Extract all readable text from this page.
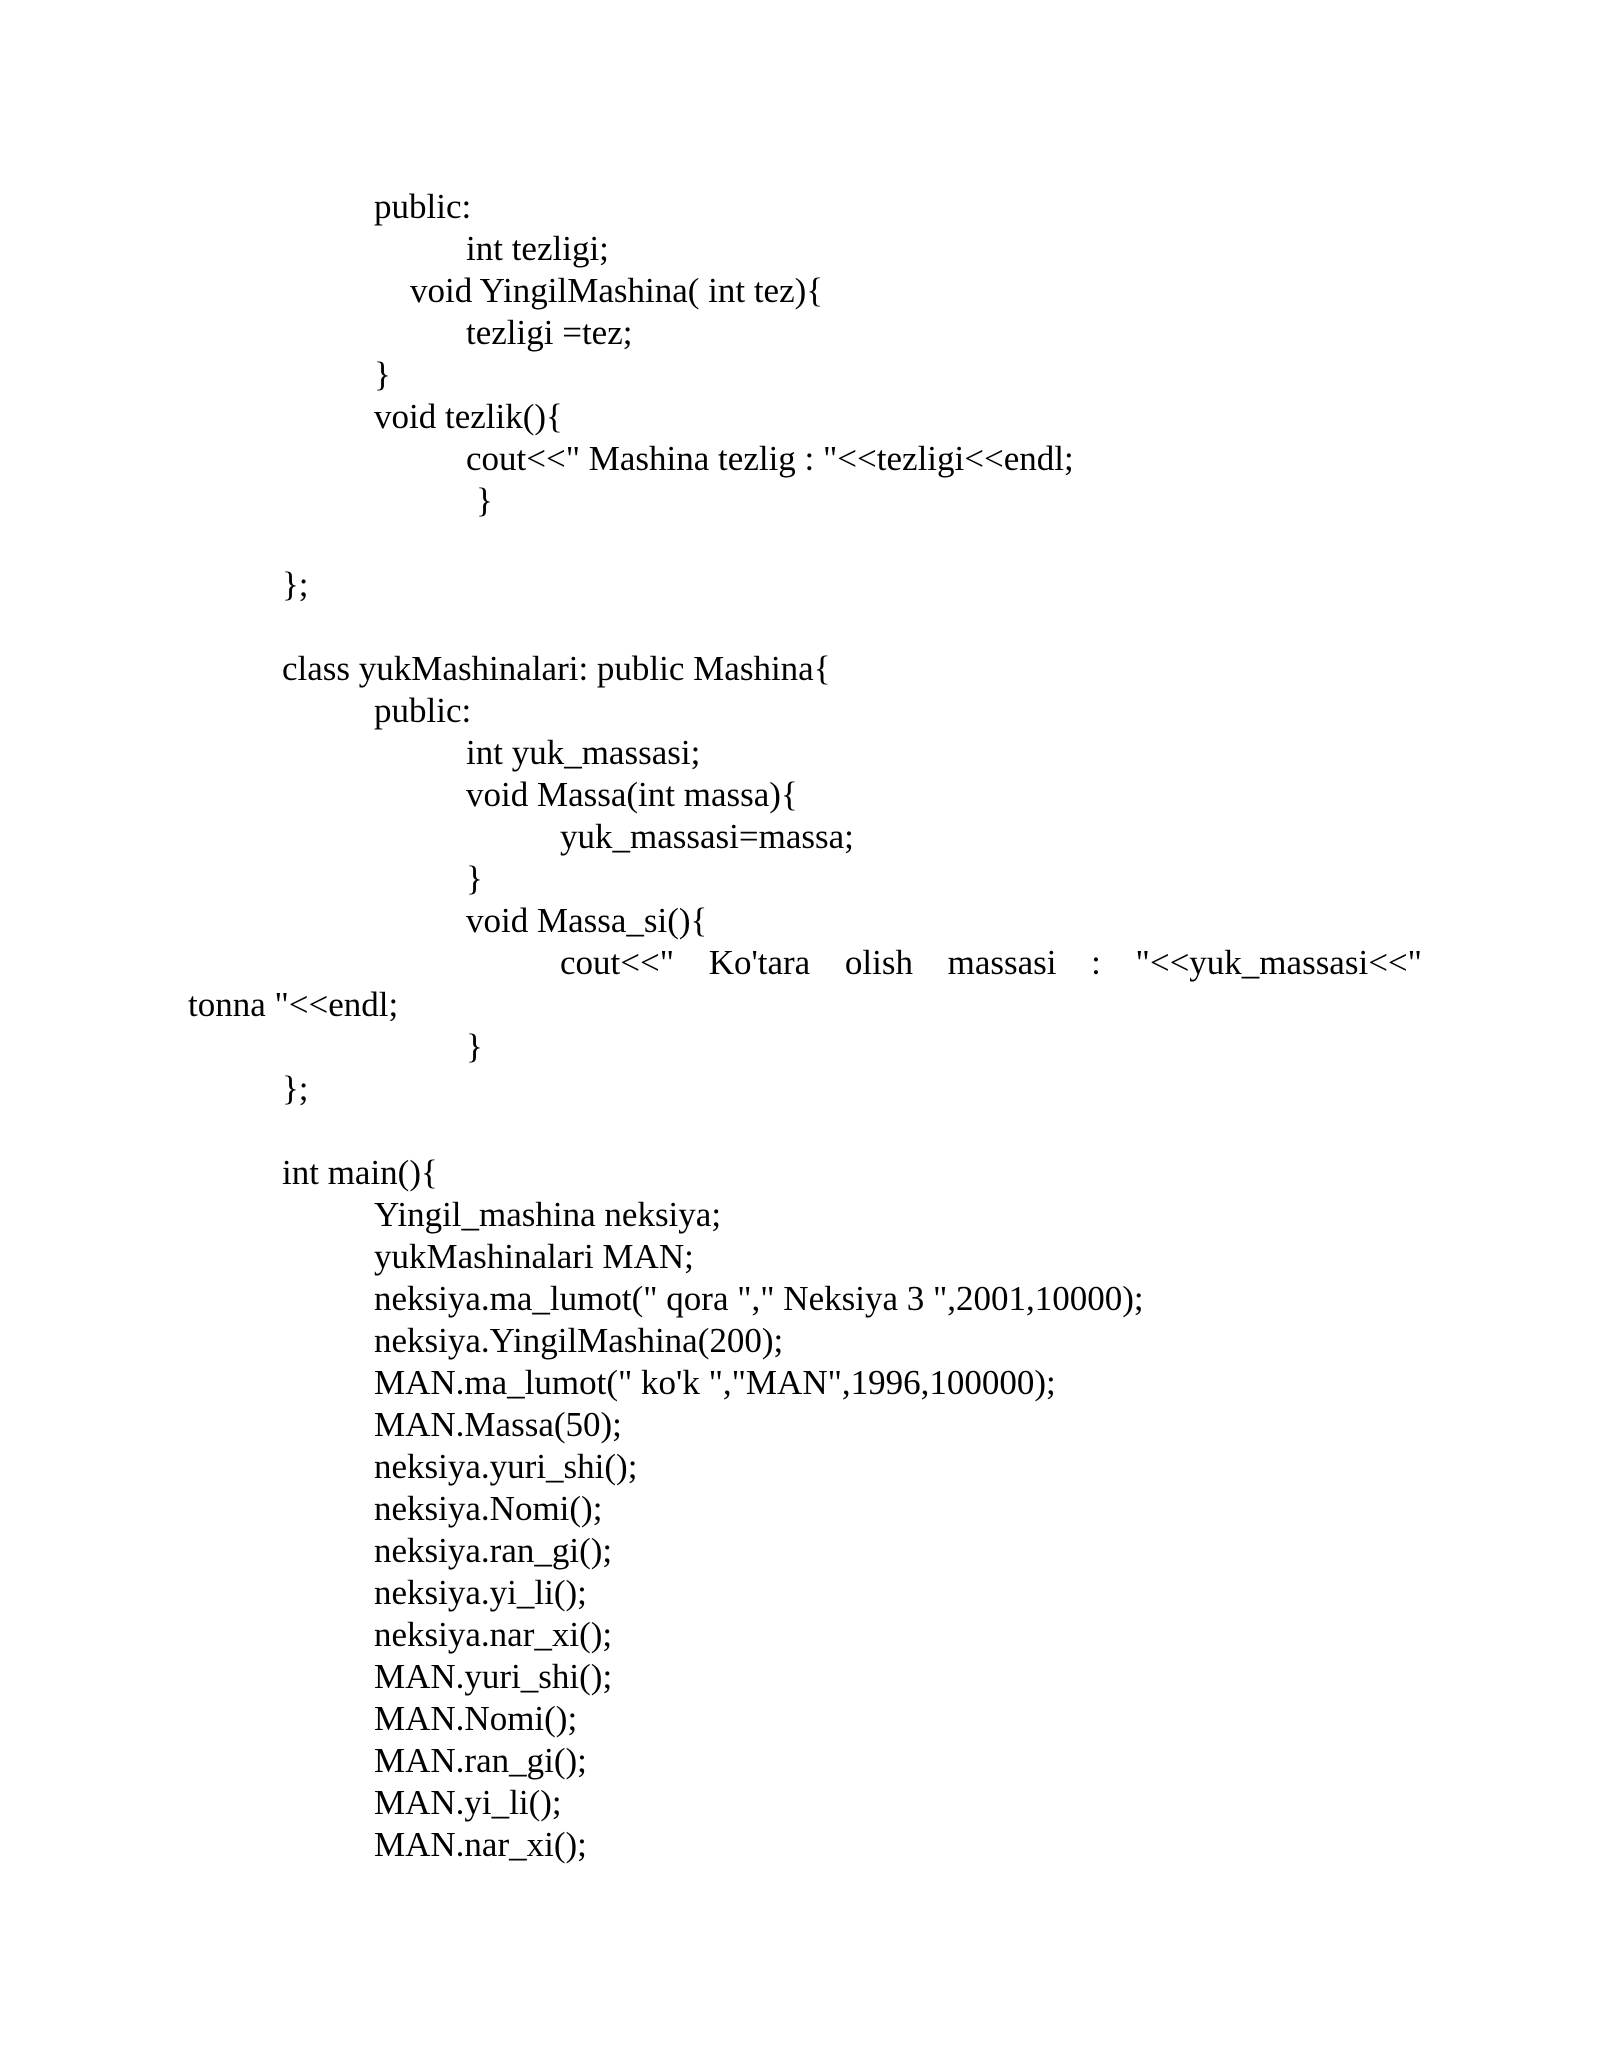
public:
int tezligi;
void YingilMashina( int tez){
tezligi =tez;
}
void tezlik(){
cout<<" Mashina tezlig : "<<tezligi<<endl;
}
};
class yukMashinalari: public Mashina{
public:
int yuk_massasi;
void Massa(int massa){
yuk_massasi=massa;
}
void Massa_si(){
cout<<" Ko'tara olish massasi : "<<yuk_massasi<<"
tonna "<<endl;
}
};
int main(){
Yingil_mashina neksiya;
yukMashinalari MAN;
neksiya.ma_lumot(" qora "," Neksiya 3 ",2001,10000);
neksiya.YingilMashina(200);
MAN.ma_lumot(" ko'k ","MAN",1996,100000);
MAN.Massa(50);
neksiya.yuri_shi();
neksiya.Nomi();
neksiya.ran_gi();
neksiya.yi_li();
neksiya.nar_xi();
MAN.yuri_shi();
MAN.Nomi();
MAN.ran_gi();
MAN.yi_li();
MAN.nar_xi();
